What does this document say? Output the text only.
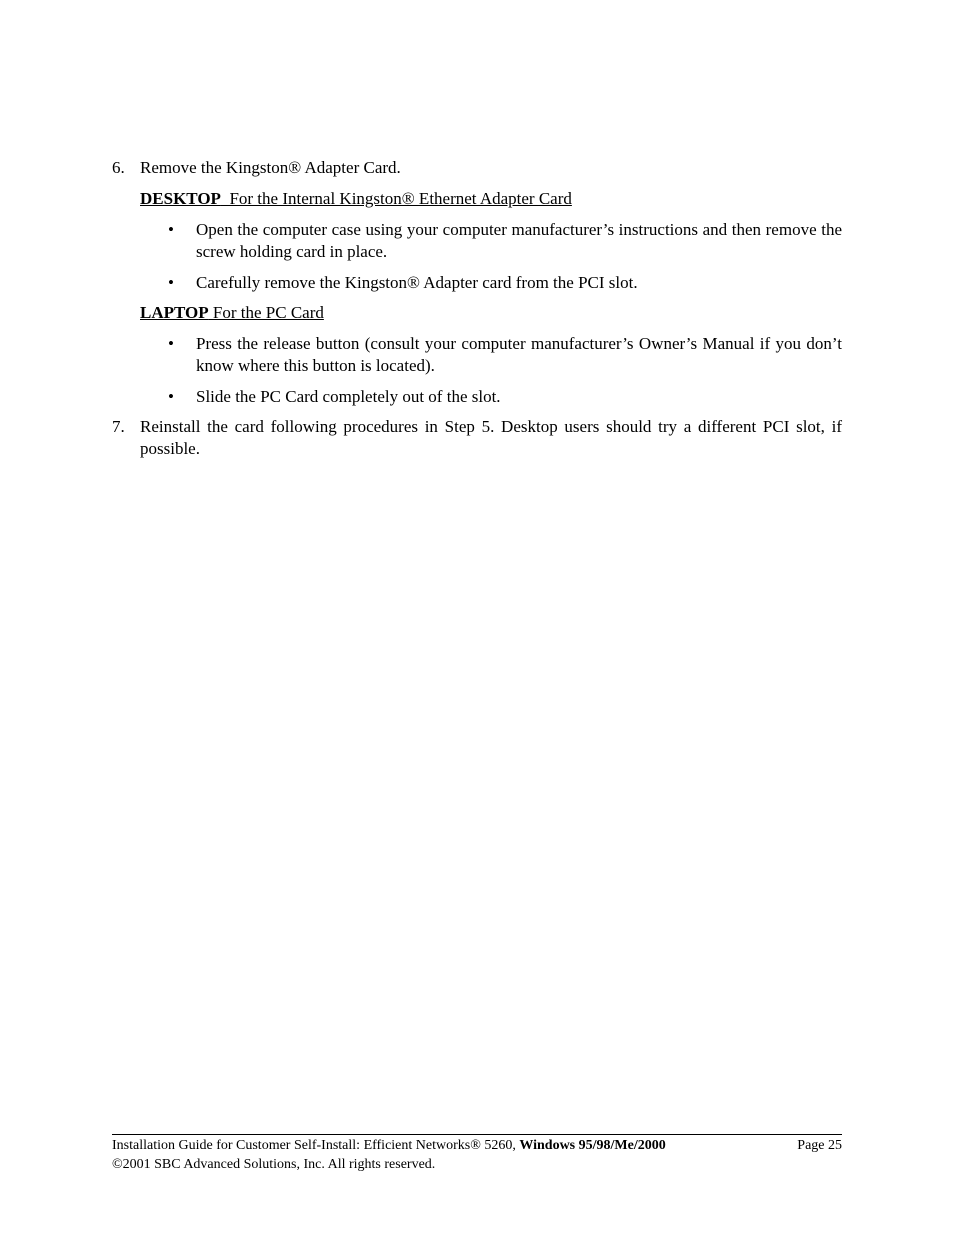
6. Remove the Kingston® Adapter Card.
DESKTOP  For the Internal Kingston® Ethernet Adapter Card
• Open the computer case using your computer manufacturer’s instructions and then remove the screw holding card in place.
• Carefully remove the Kingston® Adapter card from the PCI slot.
LAPTOP For the PC Card
• Press the release button (consult your computer manufacturer’s Owner’s Manual if you don’t know where this button is located).
• Slide the PC Card completely out of the slot.
7. Reinstall the card following procedures in Step 5. Desktop users should try a different PCI slot, if possible.
Installation Guide for Customer Self-Install: Efficient Networks® 5260, Windows 95/98/Me/2000	Page 25
©2001 SBC Advanced Solutions, Inc. All rights reserved.
